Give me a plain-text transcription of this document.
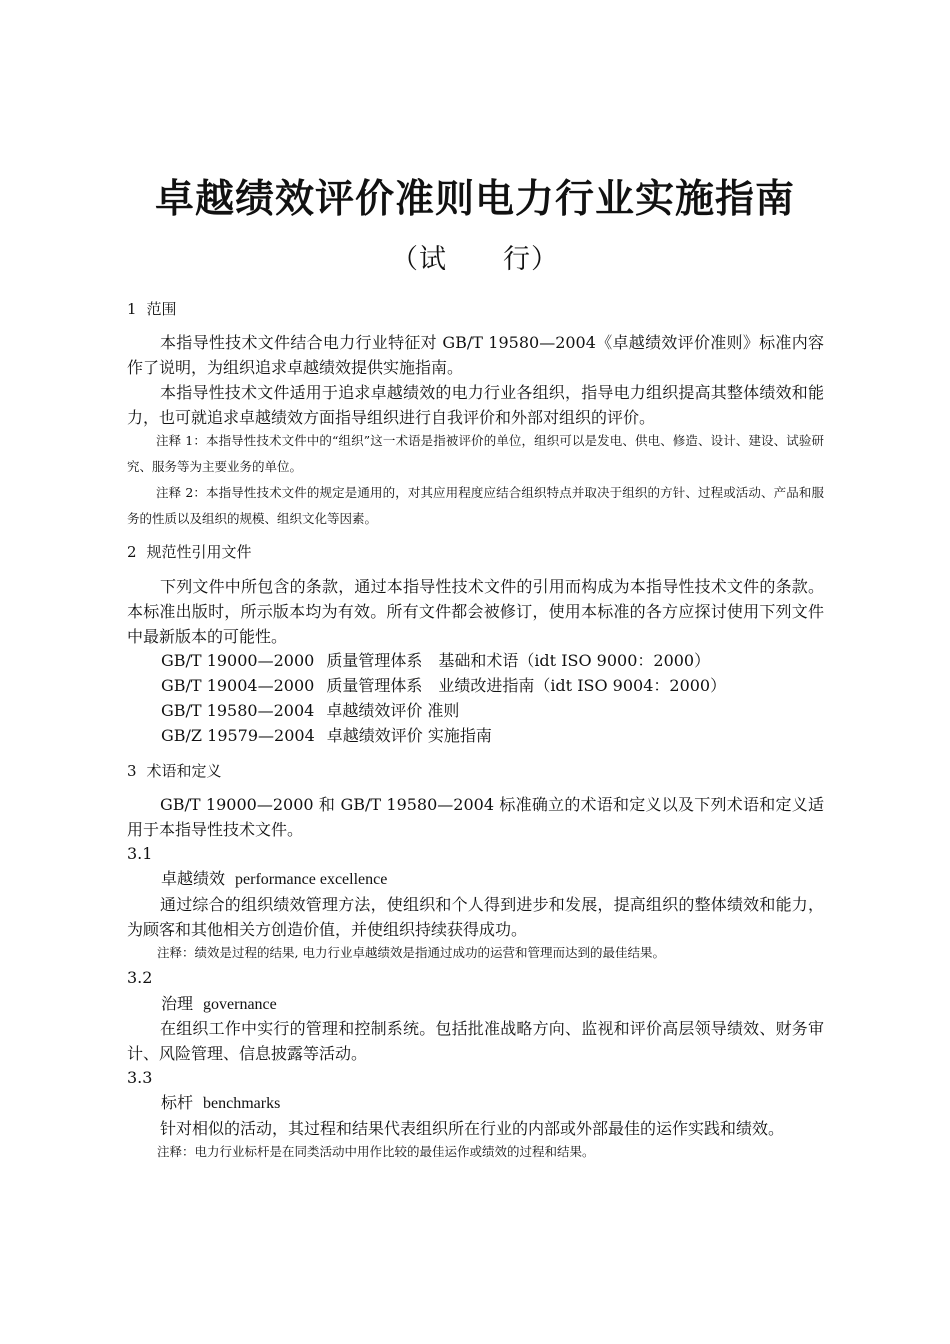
卓越绩效评价准则电力行业实施指南
（试　　行）
1 范围
本指导性技术文件结合电力行业特征对 GB/T 19580—2004《卓越绩效评价准则》标准内容作了说明，为组织追求卓越绩效提供实施指南。
本指导性技术文件适用于追求卓越绩效的电力行业各组织，指导电力组织提高其整体绩效和能力，也可就追求卓越绩效方面指导组织进行自我评价和外部对组织的评价。
注释 1：本指导性技术文件中的“组织”这一术语是指被评价的单位，组织可以是发电、供电、修造、设计、建设、试验研究、服务等为主要业务的单位。
注释 2：本指导性技术文件的规定是通用的，对其应用程度应结合组织特点并取决于组织的方针、过程或活动、产品和服务的性质以及组织的规模、组织文化等因素。
2 规范性引用文件
下列文件中所包含的条款，通过本指导性技术文件的引用而构成为本指导性技术文件的条款。本标准出版时，所示版本均为有效。所有文件都会被修订，使用本标准的各方应探讨使用下列文件中最新版本的可能性。
GB/T 19000—2000 质量管理体系　基础和术语（idt ISO 9000：2000）
GB/T 19004—2000 质量管理体系　业绩改进指南（idt ISO 9004：2000）
GB/T 19580—2004 卓越绩效评价 准则
GB/Z 19579—2004 卓越绩效评价 实施指南
3 术语和定义
GB/T 19000—2000 和 GB/T 19580—2004 标准确立的术语和定义以及下列术语和定义适用于本指导性技术文件。
3.1
卓越绩效 performance excellence
通过综合的组织绩效管理方法，使组织和个人得到进步和发展，提高组织的整体绩效和能力，为顾客和其他相关方创造价值，并使组织持续获得成功。
注释：绩效是过程的结果, 电力行业卓越绩效是指通过成功的运营和管理而达到的最佳结果。
3.2
治理 governance
在组织工作中实行的管理和控制系统。包括批准战略方向、监视和评价高层领导绩效、财务审计、风险管理、信息披露等活动。
3.3
标杆 benchmarks
针对相似的活动，其过程和结果代表组织所在行业的内部或外部最佳的运作实践和绩效。
注释：电力行业标杆是在同类活动中用作比较的最佳运作或绩效的过程和结果。
